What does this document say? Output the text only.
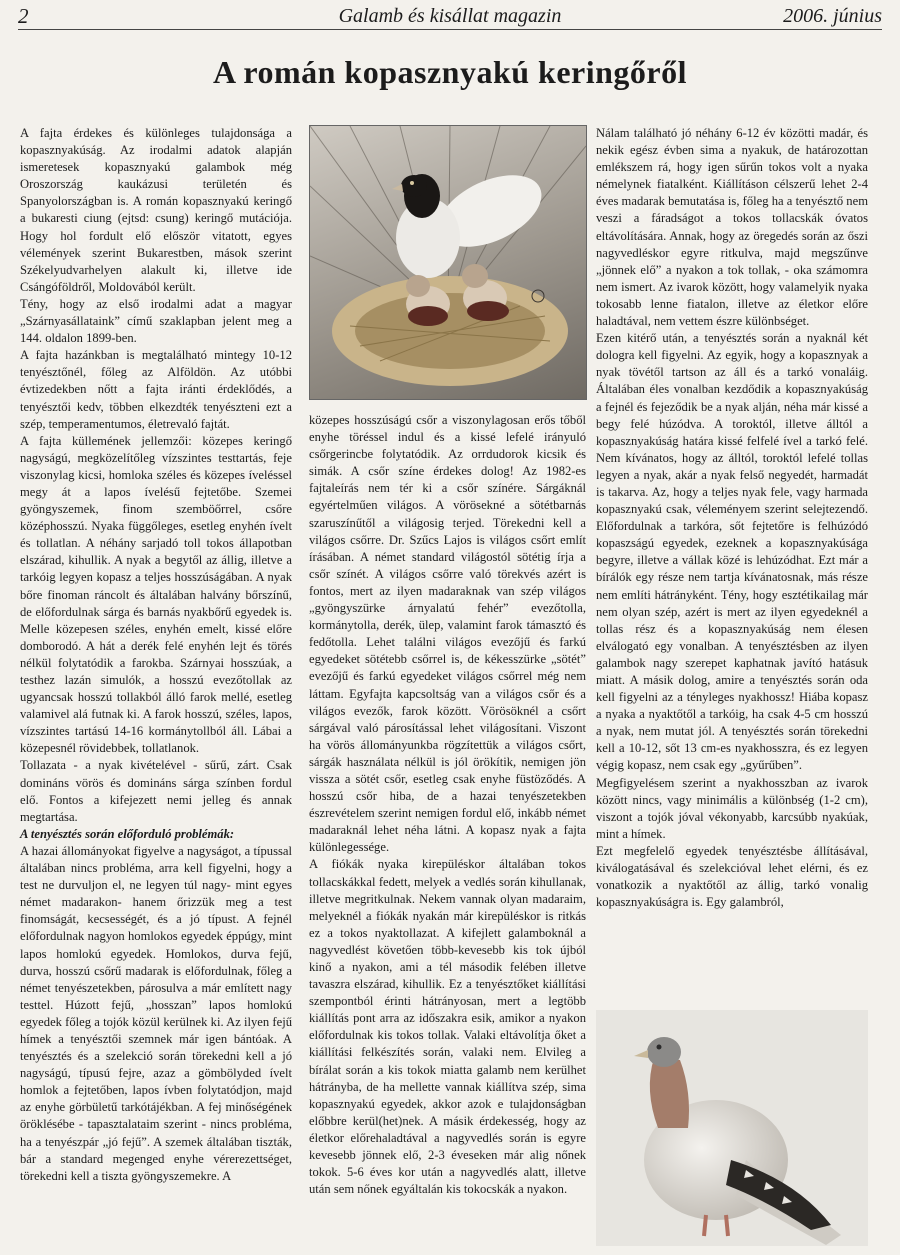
2	Galamb és kisállat magazin	2006. június
A román kopasznyakú keringőről

A fajta érdekes és különleges tulajdonsága a kopasznyakúság. Az irodalmi adatok alapján ismeretesek kopasznyakú galambok még Oroszország kaukázusi területén és Spanyolországban is. A román kopasznyakú keringő a bukaresti ciung (ejtsd: csung) keringő mutációja. Hogy hol fordult elő először vitatott, egyes vélemények szerint Bukarestben, mások szerint Székelyudvarhelyen alakult ki, illetve ide Csángóföldről, Moldovából került.

Tény, hogy az első irodalmi adat a magyar „Szárnyasállataink” című szaklapban jelent meg a 144. oldalon 1899-ben.

A fajta hazánkban is megtalálható mintegy 10-12 tenyésztőnél, főleg az Alföldön. Az utóbbi évtizedekben nőtt a fajta iránti érdeklődés, a tenyésztői kedv, többen elkezdték tenyészteni ezt a szép, temperamentumos, életrevaló fajtát.

A fajta küllemének jellemzői: közepes keringő nagyságú, megközelítőleg vízszintes testtartás, feje viszonylag kicsi, homloka széles és közepes íveléssel megy át a lapos ívelésű fejtetőbe. Szemei gyöngyszemek, finom szemböőrrel, csőre középhosszú. Nyaka függőleges, esetleg enyhén ívelt és tollatlan. A néhány sarjadó toll tokos állapotban elszárad, kihullik. A nyak a begytől az állig, illetve a tarkóig legyen kopasz a teljes hosszúságában. A nyak bőre finoman ráncolt és általában halvány bőrszínű, de előfordulnak sárga és barnás nyakbőrű egyedek is. Melle közepesen széles, enyhén emelt, kissé előre domborodó. A hát a derék felé enyhén lejt és törés nélkül folytatódik a farokba. Szárnyai hosszúak, a testhez lazán simulók, a hosszú evezőtollak az ugyancsak hosszú tollakból álló farok mellé, esetleg valamivel alá futnak ki. A farok hosszú, széles, lapos, vízszintes tartású 14-16 kormánytollból áll. Lábai a közepesnél rövidebbek, tollatlanok.

Tollazata - a nyak kivételével - sűrű, zárt. Csak domináns vörös és domináns sárga színben fordul elő. Fontos a kifejezett nemi jelleg és annak megtartása.

A tenyésztés során előforduló problémák:

A hazai állományokat figyelve a nagyságot, a típussal általában nincs probléma, arra kell figyelni, hogy a test ne durvuljon el, ne legyen túl nagy- mint egyes német madarakon- hanem őrizzük meg a test finomságát, kecsességét, és a jó típust. A fejnél előfordulnak nagyon homlokos egyedek éppúgy, mint lapos homlokú egyedek. Homlokos, durva fejű, durva, hosszú csőrű madarak is előfordulnak, főleg a német tenyészetekben, párosulva a már említett nagy testtel. Húzott fejű, „hosszan” lapos homlokú egyedek főleg a tojók közül kerülnek ki. Az ilyen fejű hímek a tenyésztői szemnek már igen bántóak. A tenyésztés és a szelekció során törekedni kell a jó nagyságú, típusú fejre, azaz a gömbölyded ívelt homlok a fejtetőben, lapos ívben folytatódjon, majd az enyhe görbületű tarkótájékban. A fej minőségének öröklésébe - tapasztalataim szerint - nincs probléma, ha a tenyészpár „jó fejű”. A szemek általában tiszták, bár a standard megenged enyhe vérerezettséget, törekedni kell a tiszta gyöngyszemekre. A

közepes hosszúságú csőr a viszonylagosan erős tőből enyhe töréssel indul és a kissé lefelé irányuló csőrgerincbe folytatódik. Az orrdudorok kicsik és simák. A csőr színe érdekes dolog! Az 1982-es fajtaleírás nem tér ki a csőr színére. Sárgáknál egyértelműen világos. A vörösekné a sötétbarnás szaruszínűtől a világosig terjed. Törekedni kell a világos csőrre. Dr. Szűcs Lajos is világos csőrt említ írásában. A német standard világostól sötétig írja a csőr színét. A világos csőrre való törekvés azért is fontos, mert az ilyen madaraknak van szép világos „gyöngyszürke árnyalatú fehér” evezőtolla, kormánytolla, derék, ülep, valamint farok támasztó és fedőtolla. Lehet találni világos evezőjű és farkú egyedeket sötétebb csőrrel is, de kékesszürke „sötét” evezőjű és farkú egyedeket világos csőrrel még nem láttam. Egyfajta kapcsoltság van a világos csőr és a világos evezők, farok között. Vörösöknél a csőrt sárgával való párosítással lehet világosítani. Viszont ha vörös állományunkba rögzítettük a világos csőrt, sárgák használata nélkül is jól örökítik, nemigen jön vissza a sötét csőr, esetleg csak enyhe füstöződés. A hosszú csőr hiba, de a hazai tenyészetekben észrevételem szerint nemigen fordul elő, inkább német madaraknál lehet néha látni. A kopasz nyak a fajta különlegessége.

A fiókák nyaka kirepüléskor általában tokos tollacskákkal fedett, melyek a vedlés során kihullanak, illetve megritkulnak. Nekem vannak olyan madaraim, melyeknél a fiókák nyakán már kirepüléskor is ritkás ez a tokos nyaktollazat. A kifejlett galamboknál a nagyvedlést követően több-kevesebb kis tok újból kinő a nyakon, ami a tél második felében illetve tavaszra elszárad, kihullik. Ez a tenyésztőket kiállítási szempontból érinti hátrányosan, mert a legtöbb kiállítás pont arra az időszakra esik, amikor a nyakon előfordulnak kis tokos tollak. Valaki eltávolítja őket a kiállítási felkészítés során, valaki nem. Elvileg a bírálat során a kis tokok miatta galamb nem kerülhet hátrányba, de ha mellette vannak kiállítva szép, sima kopasznyakú egyedek, akkor azok e tulajdonságban előbbre kerül(het)nek. A másik érdekesség, hogy az életkor előrehaladtával a nagyvedlés során is egyre kevesebb jönnek elő, 2-3 éveseken már alig nőnek tokok. 5-6 éves kor után a nagyvedlés alatt, illetve után sem nőnek egyáltalán kis tokocskák a nyakon.

Nálam található jó néhány 6-12 év közötti madár, és nekik egész évben sima a nyakuk, de határozottan emlékszem rá, hogy igen sűrűn tokos volt a nyaka némelynek fiatalként. Kiállításon célszerű lehet 2-4 éves madarak bemutatása is, főleg ha a tenyésztő nem veszi a fáradságot a tokos tollacskák óvatos eltávolítására. Annak, hogy az öregedés során az őszi nagyvedléskor egyre ritkulva, majd megszűnve „jönnek elő” a nyakon a tok tollak, - oka számomra nem ismert. Az ivarok között, hogy valamelyik nyaka tokosabb lenne fiatalon, illetve az életkor előre haladtával, nem vettem észre különbséget.

Ezen kitérő után, a tenyésztés során a nyaknál két dologra kell figyelni. Az egyik, hogy a kopasznyak a nyak tövétől tartson az áll és a tarkó vonaláig. Általában éles vonalban kezdődik a kopasznyakúság a fejnél és fejeződik be a nyak alján, néha már kissé a begy felé húzódva. A toroktól, illetve álltól a kopasznyakúság határa kissé felfelé ível a tarkó felé. Nem kívánatos, hogy az álltól, toroktól lefelé tollas legyen a nyak, akár a nyak felső negyedét, harmadát is takarva. Az, hogy a teljes nyak fele, vagy harmada kopasznyakú csak, véleményem szerint selejtezendő. Előfordulnak a tarkóra, sőt fejtetőre is felhúzódó kopaszságú egyedek, ezeknek a kopasznyakúsága begyre, illetve a vállak közé is lehúzódhat. Ezt már a bírálók egy része nem tartja kívánatosnak, más része nem említi hátrányként. Tény, hogy esztétikailag már nem olyan szép, azért is mert az ilyen egyedeknél a tollas rész és a kopasznyakúság nem élesen elválogató egy vonalban. A tenyésztésben az ilyen galambok nagy szerepet kaphatnak javító hatásuk miatt. A másik dolog, amire a tenyésztés során oda kell figyelni az a tényleges nyakhossz! Hiába kopasz a nyaka a nyaktőtől a tarkóig, ha csak 4-5 cm hosszú a nyak, nem mutat jól. A tenyésztés során törekedni kell a 10-12, sőt 13 cm-es nyakhosszra, és ez legyen végig kopasz, nem csak egy „gyűrűben”.

Megfigyelésem szerint a nyakhosszban az ivarok között nincs, vagy minimális a különbség (1-2 cm), viszont a tojók jóval vékonyabb, karcsúbb nyakúak, mint a hímek.

Ezt megfelelő egyedek tenyésztésbe állításával, kiválogatásával és szelekcióval lehet elérni, és ez vonatkozik a nyaktőtől az állig, tarkó vonalig kopasznyakúságra is. Egy galambról,
